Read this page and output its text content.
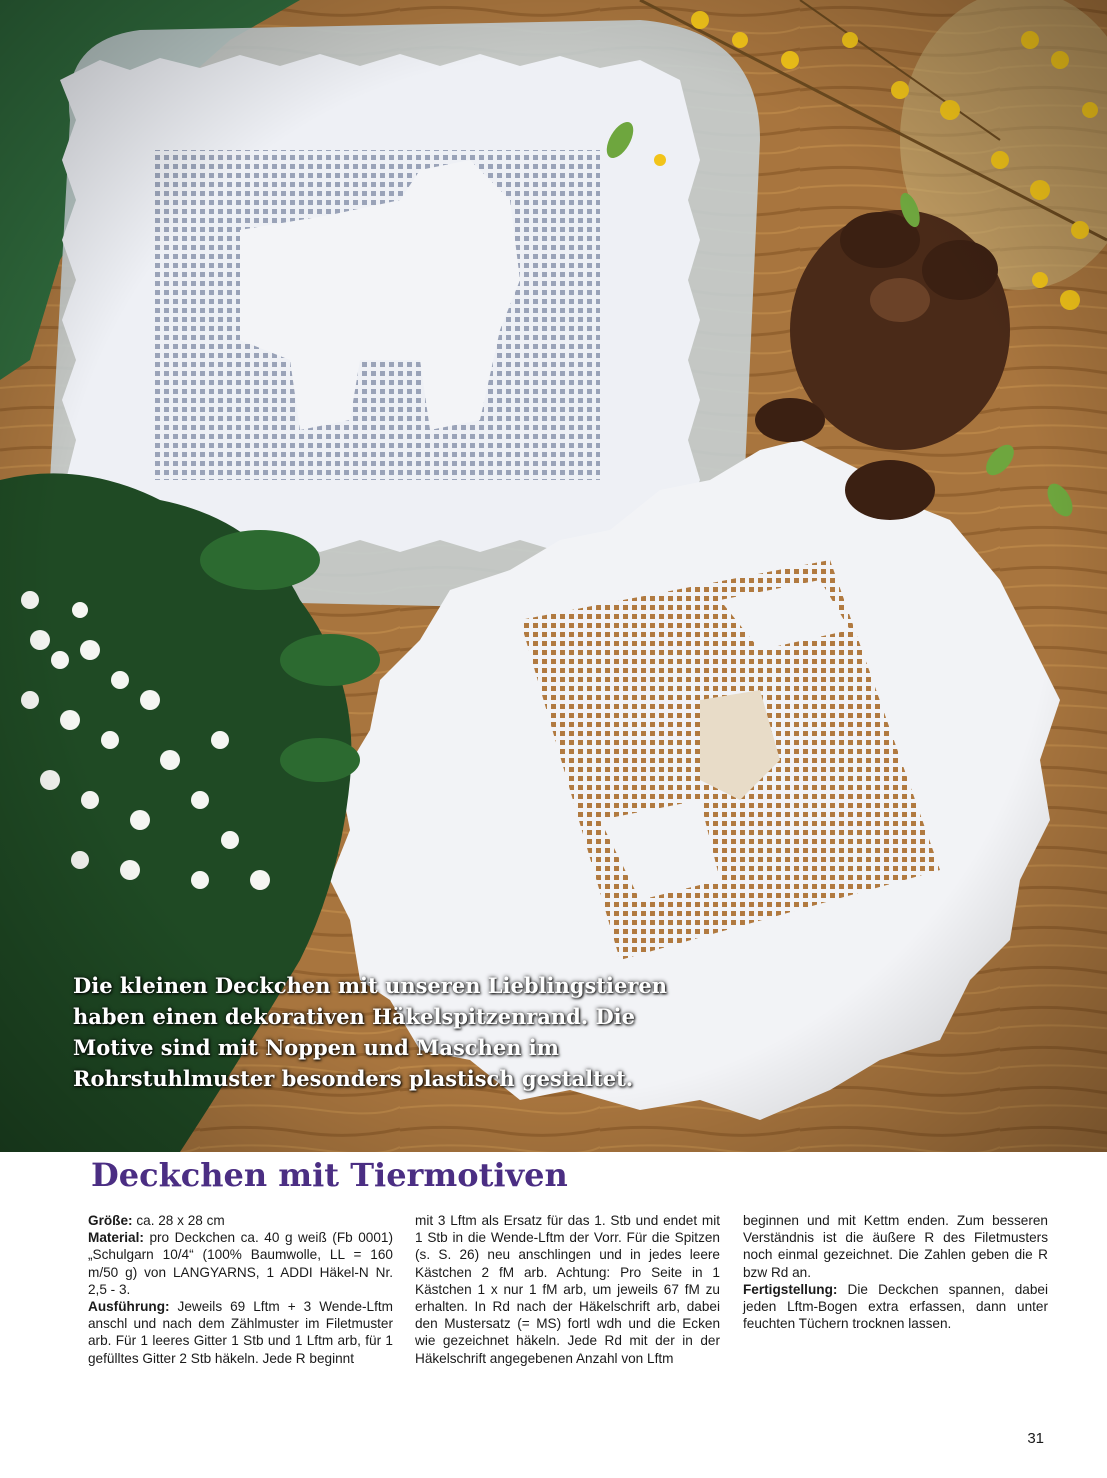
Die kleinen Deckchen mit unseren Lieblingstieren haben einen dekorativen Häkelspitzenrand. Die Motive sind mit Noppen und Maschen im Rohrstuhlmuster besonders plastisch gestaltet.

Deckchen mit Tiermotiven

Größe: ca. 28 x 28 cm

Material: pro Deckchen ca. 40 g weiß (Fb 0001) „Schulgarn 10/4“ (100% Baumwolle, LL = 160 m/50 g) von LANGYARNS, 1 ADDI Häkel-N Nr. 2,5 - 3.

Ausführung: Jeweils 69 Lftm + 3 Wende-Lftm anschl und nach dem Zählmuster im Filetmuster arb. Für 1 leeres Gitter 1 Stb und 1 Lftm arb, für 1 gefülltes Gitter 2 Stb häkeln. Jede R beginnt

mit 3 Lftm als Ersatz für das 1. Stb und endet mit 1 Stb in die Wende-Lftm der Vorr. Für die Spitzen (s. S. 26) neu anschlingen und in jedes leere Kästchen 2 fM arb. Achtung: Pro Seite in 1 Kästchen 1 x nur 1 fM arb, um jeweils 67 fM zu erhalten. In Rd nach der Häkelschrift arb, dabei den Mustersatz (= MS) fortl wdh und die Ecken wie gezeichnet häkeln. Jede Rd mit der in der Häkelschrift angegebenen Anzahl von Lftm

beginnen und mit Kettm enden. Zum besseren Verständnis ist die äußere R des Filetmusters noch einmal gezeichnet. Die Zahlen geben die R bzw Rd an.

Fertigstellung: Die Deckchen spannen, dabei jeden Lftm-Bogen extra erfassen, dann unter feuchten Tüchern trocknen lassen.

31
